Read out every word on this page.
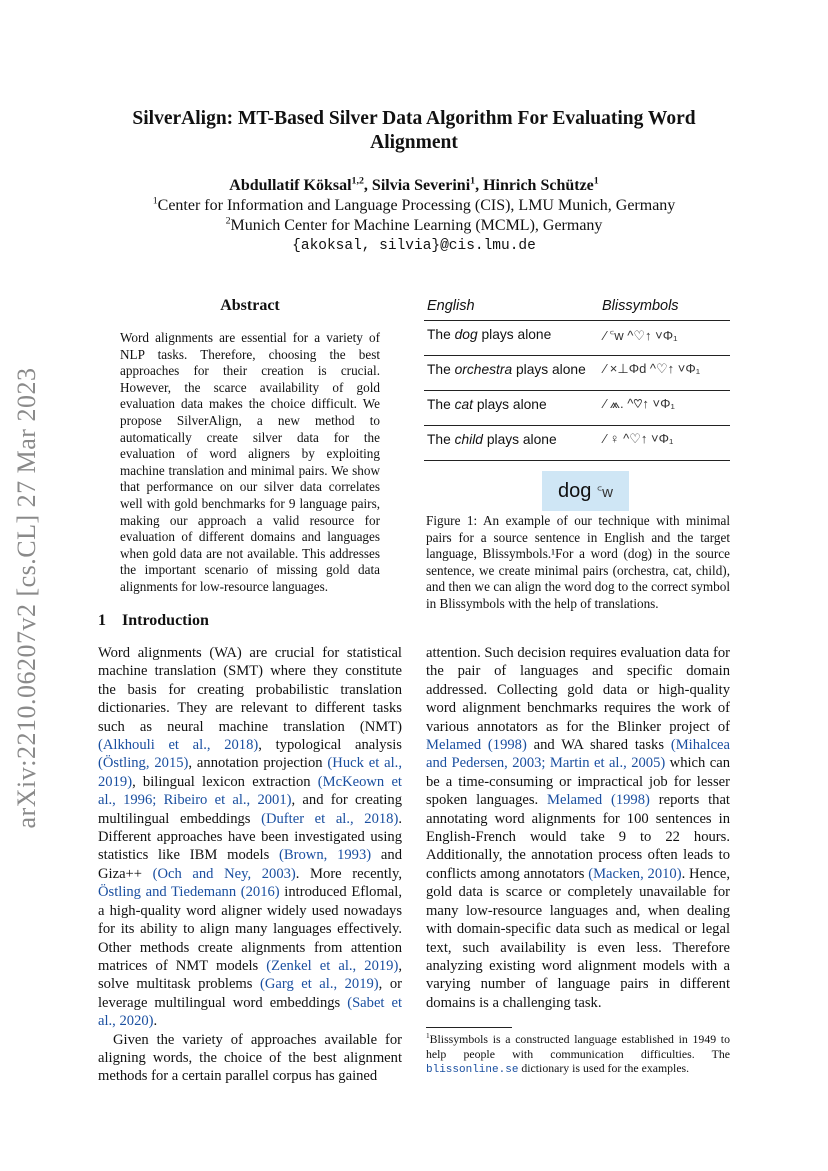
arXiv:2210.06207v2 [cs.CL] 27 Mar 2023
SilverAlign: MT-Based Silver Data Algorithm For Evaluating Word
Alignment
Abdullatif Köksal$^{1,2}$, Silvia Severini$^1$, Hinrich Schütze$^1$
$^1$Center for Information and Language Processing (CIS), LMU Munich, Germany
$^2$Munich Center for Machine Learning (MCML), Germany
{akoksal, silvia}@cis.lmu.de
Abstract
Word alignments are essential for a variety of NLP tasks. Therefore, choosing the best approaches for their creation is crucial. However, the scarce availability of gold evaluation data makes the choice difficult. We propose SilverAlign, a new method to automatically create silver data for the evaluation of word aligners by exploiting machine translation and minimal pairs. We show that performance on our silver data correlates well with gold benchmarks for 9 language pairs, making our approach a valid resource for evaluation of different domains and languages when gold data are not available. This addresses the important scenario of missing gold data alignments for low-resource languages.
English	Blissymbols
The dog plays alone	⁄ ꜂ᴡ ^♡↑ ˅Φ₁
The orchestra plays alone ⁄ ×⊥Φd ^♡↑ ˅Φ₁
The cat plays alone	⁄ ⩕. ^♡↑ ˅Φ₁
The child plays alone	⁄ ♀ ^♡↑ ˅Φ₁
dog ꜂ᴡ
Figure 1: An example of our technique with minimal pairs for a source sentence in English and the target language, Blissymbols.¹For a word (dog) in the source sentence, we create minimal pairs (orchestra, cat, child), and then we can align the word dog to the correct symbol in Blissymbols with the help of translations.
1 Introduction

Word alignments (WA) are crucial for statistical machine translation (SMT) where they constitute the basis for creating probabilistic translation dictionaries. They are relevant to different tasks such as neural machine translation (NMT) (Alkhouli et al., 2018), typological analysis (Östling, 2015), annotation projection (Huck et al., 2019), bilingual lexicon extraction (McKeown et al., 1996; Ribeiro et al., 2001), and for creating multilingual embeddings (Dufter et al., 2018). Different approaches have been investigated using statistics like IBM models (Brown, 1993) and Giza++ (Och and Ney, 2003). More recently, Östling and Tiedemann (2016) introduced Eflomal, a high-quality word aligner widely used nowadays for its ability to align many languages effectively. Other methods create alignments from attention matrices of NMT models (Zenkel et al., 2019), solve multitask problems (Garg et al., 2019), or leverage multilingual word embeddings (Sabet et al., 2020).

Given the variety of approaches available for aligning words, the choice of the best alignment methods for a certain parallel corpus has gained

attention. Such decision requires evaluation data for the pair of languages and specific domain addressed. Collecting gold data or high-quality word alignment benchmarks requires the work of various annotators as for the Blinker project of Melamed (1998) and WA shared tasks (Mihalcea and Pedersen, 2003; Martin et al., 2005) which can be a time-consuming or impractical job for lesser spoken languages. Melamed (1998) reports that annotating word alignments for 100 sentences in English-French would take 9 to 22 hours. Additionally, the annotation process often leads to conflicts among annotators (Macken, 2010). Hence, gold data is scarce or completely unavailable for many low-resource languages and, when dealing with domain-specific data such as medical or legal text, such availability is even less. Therefore analyzing existing word alignment models with a varying number of language pairs in different domains is a challenging task.

$^1$Blissymbols is a constructed language established in 1949 to help people with communication difficulties. The blissonline.se dictionary is used for the examples.
